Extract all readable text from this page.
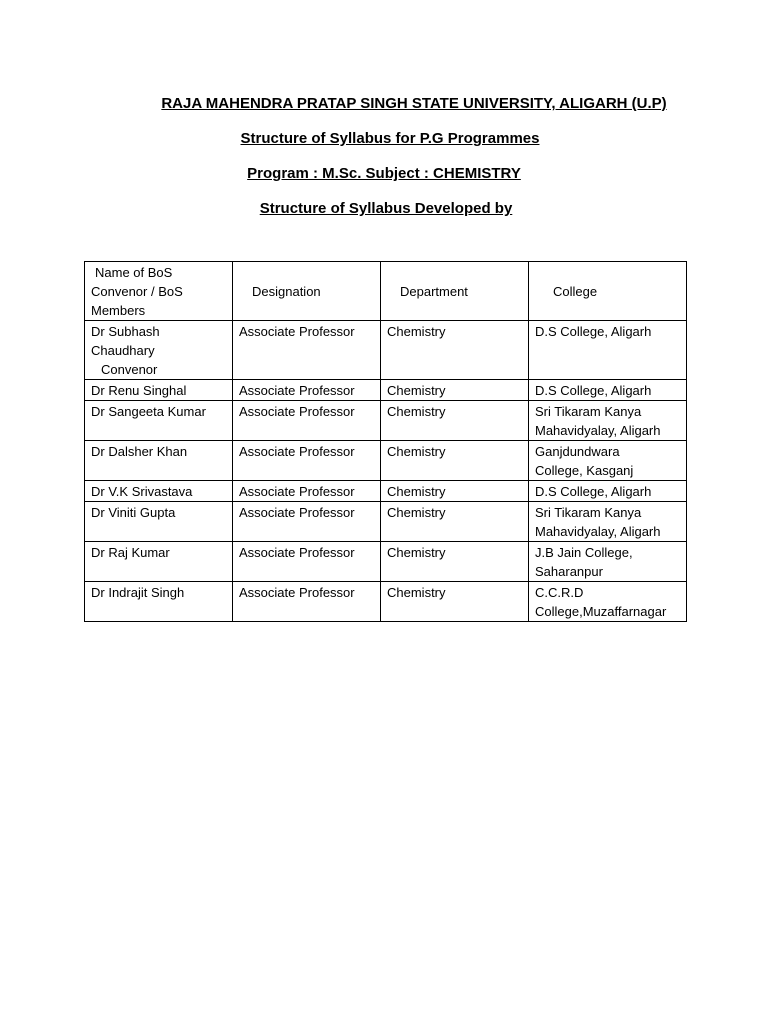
RAJA MAHENDRA PRATAP SINGH STATE UNIVERSITY, ALIGARH (U.P)
Structure of Syllabus for P.G Programmes
Program : M.Sc. Subject : CHEMISTRY
Structure of Syllabus Developed by
Name of BoS
Convenor / BoS
Members	Designation	Department	College

Dr Subhash
Chaudhary
Convenor	Associate Professor	Chemistry	D.S College, Aligarh

Dr Renu Singhal	Associate Professor	Chemistry	D.S College, Aligarh

Dr Sangeeta Kumar	Associate Professor	Chemistry	Sri Tikaram Kanya
Mahavidyalay, Aligarh

Dr Dalsher Khan	Associate Professor	Chemistry	Ganjdundwara
College, Kasganj

Dr V.K Srivastava	Associate Professor	Chemistry	D.S College, Aligarh

Dr Viniti Gupta	Associate Professor	Chemistry	Sri Tikaram Kanya
Mahavidyalay, Aligarh

Dr Raj Kumar	Associate Professor	Chemistry	J.B Jain College,
Saharanpur

Dr Indrajit Singh	Associate Professor	Chemistry	C.C.R.D
College,Muzaffarnagar
